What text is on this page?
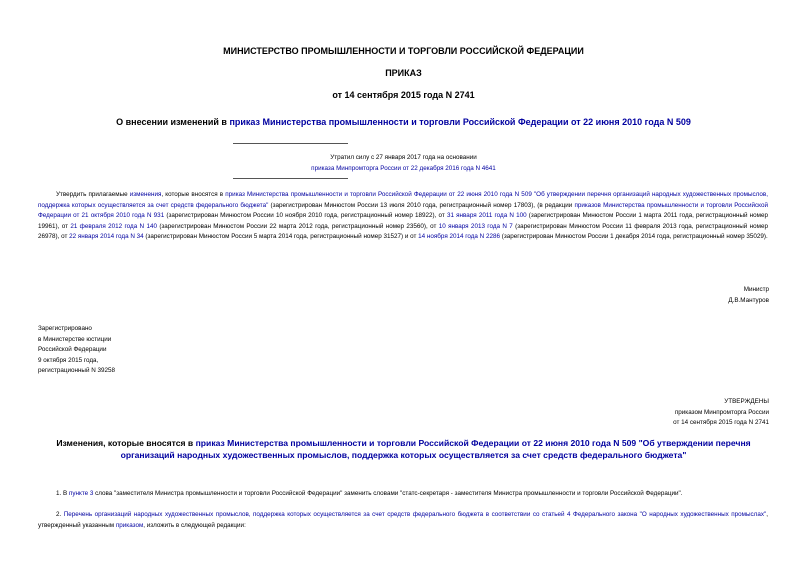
МИНИСТЕРСТВО ПРОМЫШЛЕННОСТИ И ТОРГОВЛИ РОССИЙСКОЙ ФЕДЕРАЦИИ
ПРИКАЗ
от 14 сентября 2015 года N 2741
О внесении изменений в приказ Министерства промышленности и торговли Российской Федерации от 22 июня 2010 года N 509
Утратил силу с 27 января 2017 года на основании
приказа Минпромторга России от 22 декабря 2016 года N 4641
Утвердить прилагаемые изменения, которые вносятся в приказ Министерства промышленности и торговли Российской Федерации от 22 июня 2010 года N 509 "Об утверждении перечня организаций народных художественных промыслов, поддержка которых осуществляется за счет средств федерального бюджета" (зарегистрирован Минюстом России 13 июля 2010 года, регистрационный номер 17803), (в редакции приказов Министерства промышленности и торговли Российской Федерации от 21 октября 2010 года N 931 (зарегистрирован Минюстом России 10 ноября 2010 года, регистрационный номер 18922), от 31 января 2011 года N 100 (зарегистрирован Минюстом России 1 марта 2011 года, регистрационный номер 19961), от 21 февраля 2012 года N 140 (зарегистрирован Минюстом России 22 марта 2012 года, регистрационный номер 23560), от 10 января 2013 года N 7 (зарегистрирован Минюстом России 11 февраля 2013 года, регистрационный номер 26978), от 22 января 2014 года N 34 (зарегистрирован Минюстом России 5 марта 2014 года, регистрационный номер 31527) и от 14 ноября 2014 года N 2286 (зарегистрирован Минюстом России 1 декабря 2014 года, регистрационный номер 35029).
Министр
Д.В.Мантуров
Зарегистрировано
в Министерстве юстиции
Российской Федерации
9 октября 2015 года,
регистрационный N 39258
УТВЕРЖДЕНЫ
приказом Минпромторга России
от 14 сентября 2015 года N 2741
Изменения, которые вносятся в приказ Министерства промышленности и торговли Российской Федерации от 22 июня 2010 года N 509 "Об утверждении перечня организаций народных художественных промыслов, поддержка которых осуществляется за счет средств федерального бюджета"
1. В пункте 3 слова "заместителя Министра промышленности и торговли Российской Федерации" заменить словами "статс-секретаря - заместителя Министра промышленности и торговли Российской Федерации".
2. Перечень организаций народных художественных промыслов, поддержка которых осуществляется за счет средств федерального бюджета в соответствии со статьей 4 Федерального закона "О народных художественных промыслах", утвержденный указанным приказом, изложить в следующей редакции:
